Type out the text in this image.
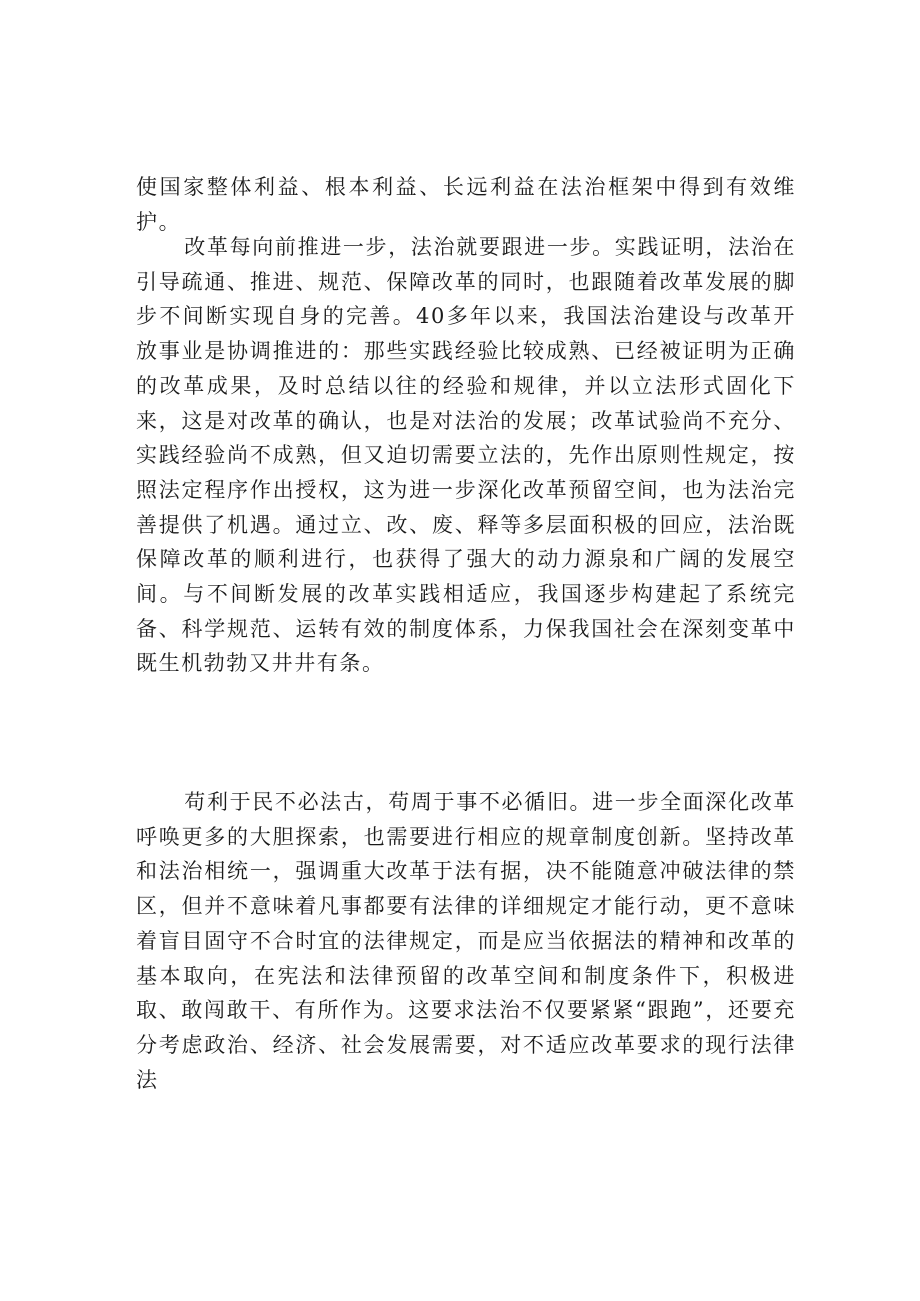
使国家整体利益、根本利益、长远利益在法治框架中得到有效维护。

改革每向前推进一步，法治就要跟进一步。实践证明，法治在引导疏通、推进、规范、保障改革的同时，也跟随着改革发展的脚步不间断实现自身的完善。40多年以来，我国法治建设与改革开放事业是协调推进的：那些实践经验比较成熟、已经被证明为正确的改革成果，及时总结以往的经验和规律，并以立法形式固化下来，这是对改革的确认，也是对法治的发展；改革试验尚不充分、实践经验尚不成熟，但又迫切需要立法的，先作出原则性规定，按照法定程序作出授权，这为进一步深化改革预留空间，也为法治完善提供了机遇。通过立、改、废、释等多层面积极的回应，法治既保障改革的顺利进行，也获得了强大的动力源泉和广阔的发展空间。与不间断发展的改革实践相适应，我国逐步构建起了系统完备、科学规范、运转有效的制度体系，力保我国社会在深刻变革中既生机勃勃又井井有条。

苟利于民不必法古，苟周于事不必循旧。进一步全面深化改革呼唤更多的大胆探索，也需要进行相应的规章制度创新。坚持改革和法治相统一，强调重大改革于法有据，决不能随意冲破法律的禁区，但并不意味着凡事都要有法律的详细规定才能行动，更不意味着盲目固守不合时宜的法律规定，而是应当依据法的精神和改革的基本取向，在宪法和法律预留的改革空间和制度条件下，积极进取、敢闯敢干、有所作为。这要求法治不仅要紧紧“跟跑”，还要充分考虑政治、经济、社会发展需要，对不适应改革要求的现行法律法
